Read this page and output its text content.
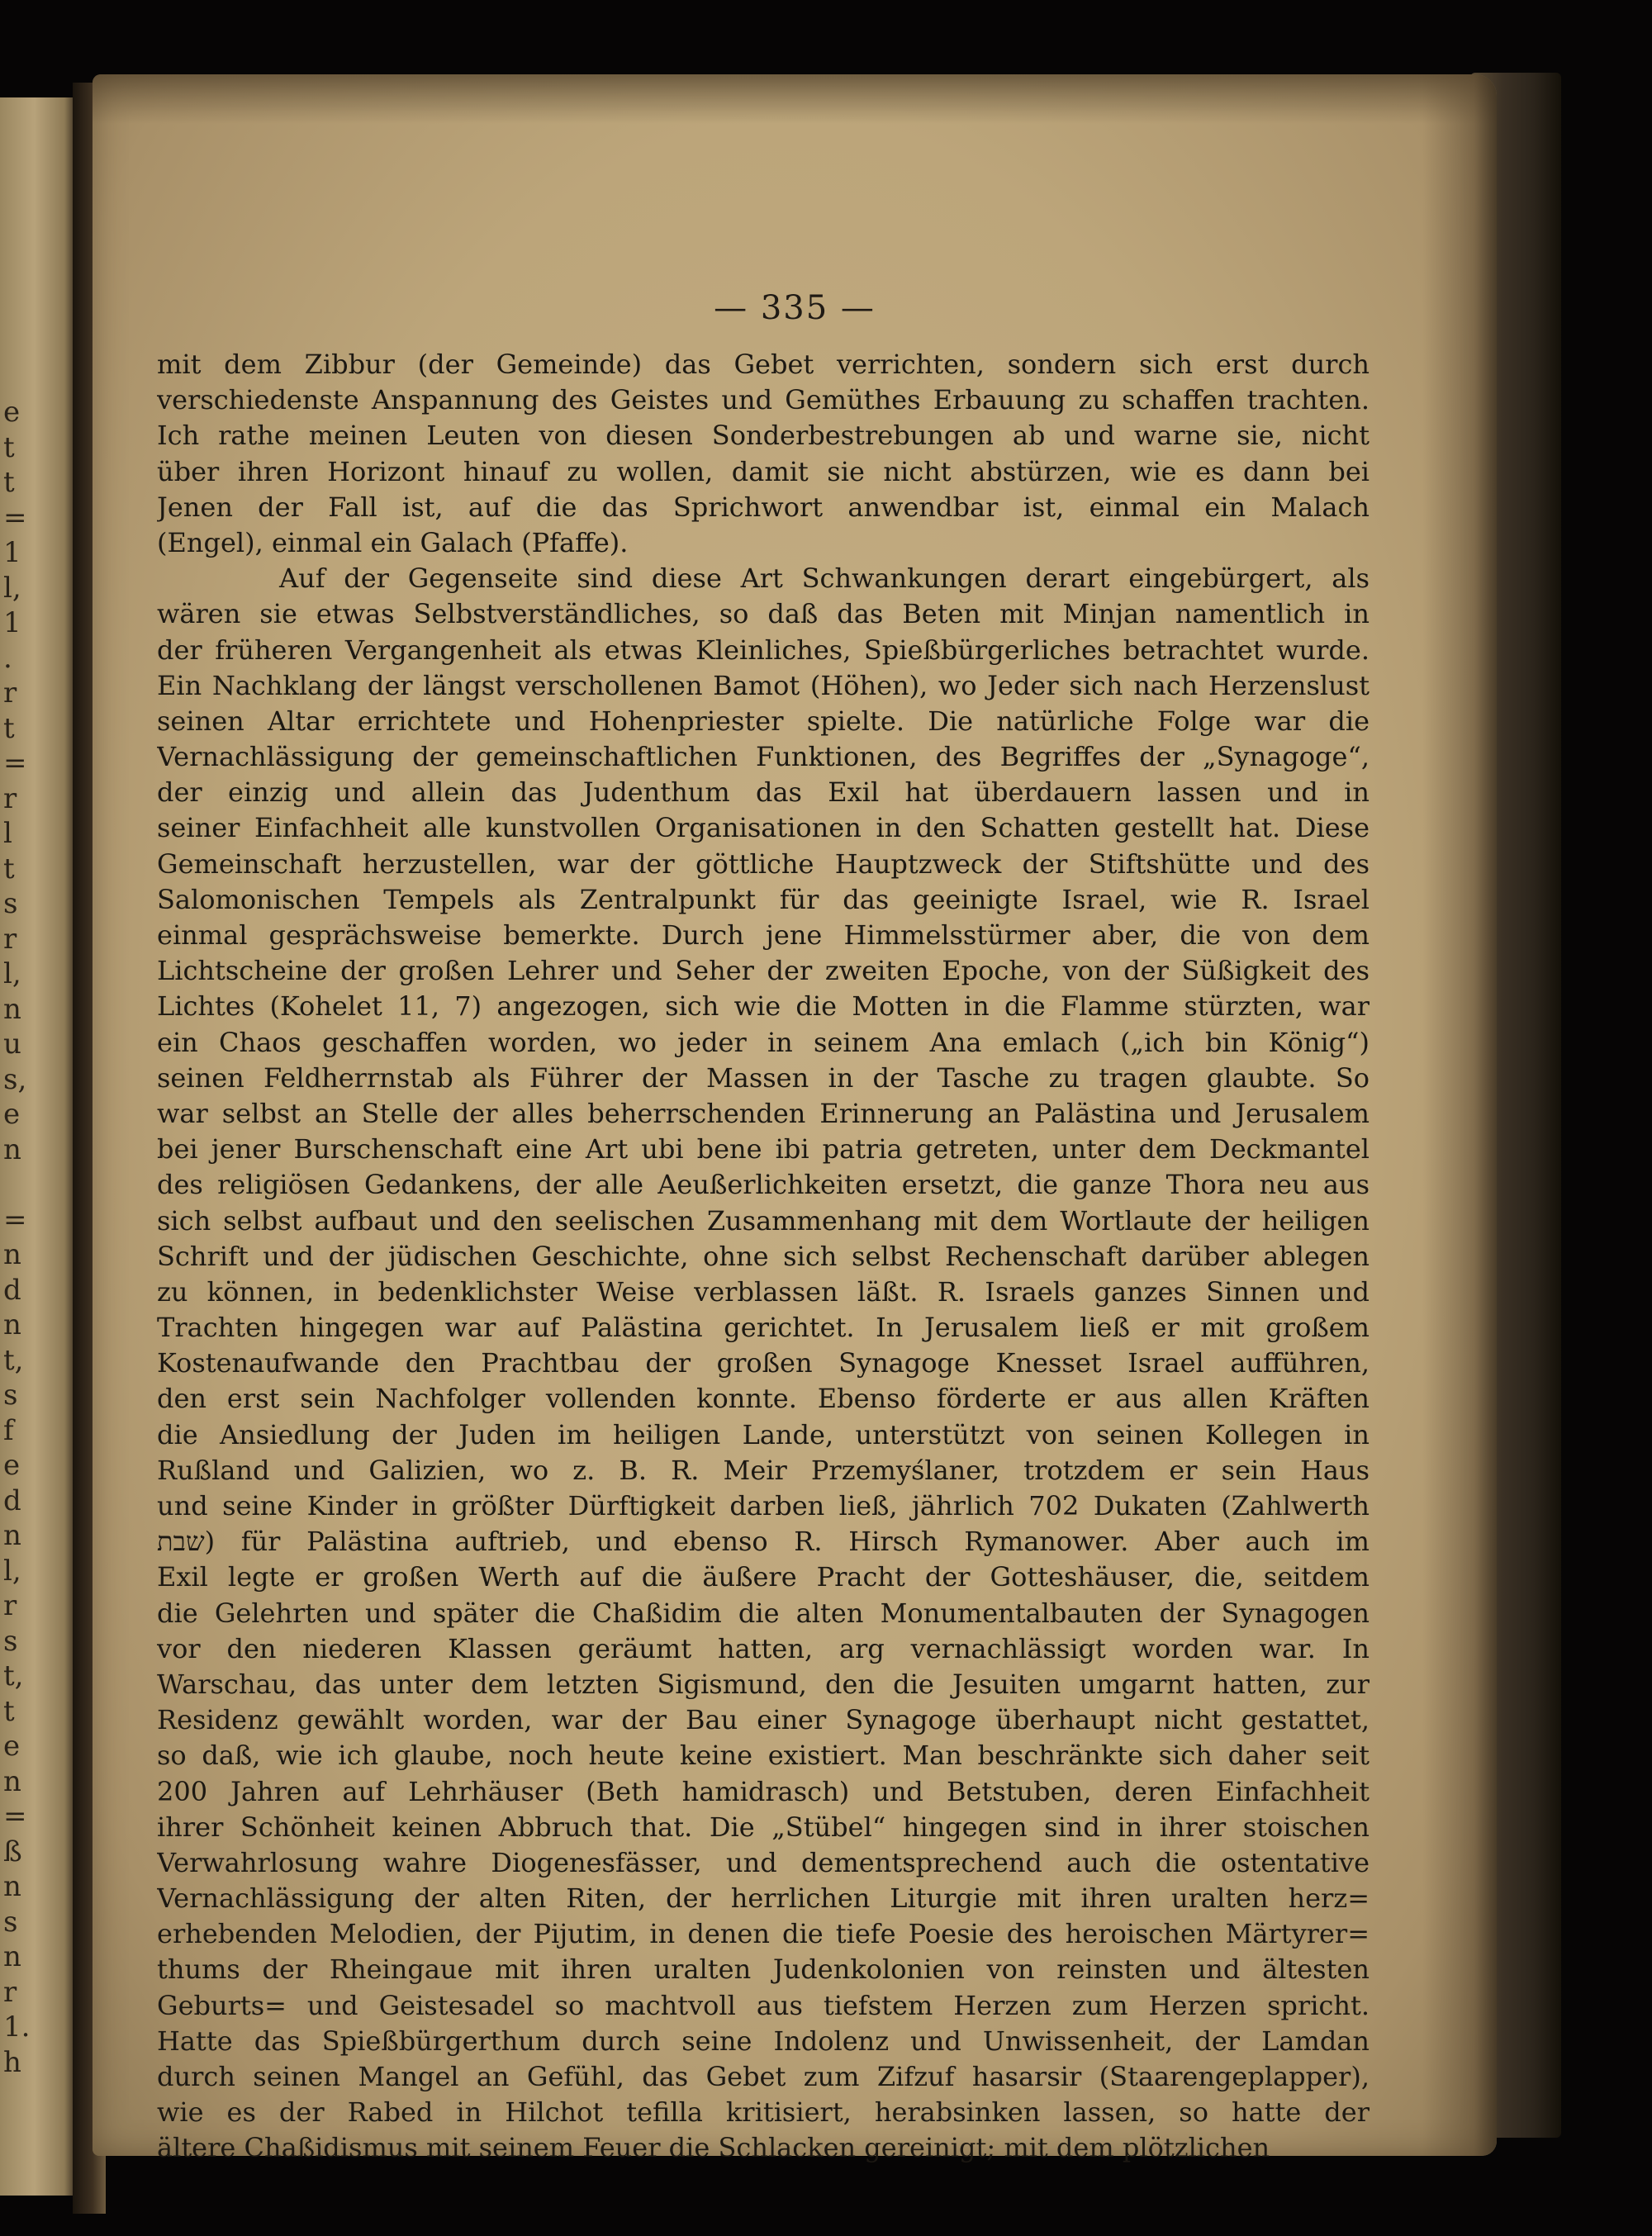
e
t
t
=
1
l,
1
.
r
t
=
r
l
t
s
r
l,
n
u
s,
e
n
=
n
d
n
t,
s
f
e
d
n
l,
r
s
t,
t
e
n
=
ß
n
s
n
r
1.
h
— 335 —
mit dem Zibbur (der Gemeinde) das Gebet verrichten, sondern sich erst durch
verschiedenste Anspannung des Geistes und Gemüthes Erbauung zu schaffen trachten.
Ich rathe meinen Leuten von diesen Sonderbestrebungen ab und warne sie, nicht
über ihren Horizont hinauf zu wollen, damit sie nicht abstürzen, wie es dann bei
Jenen der Fall ist, auf die das Sprichwort anwendbar ist, einmal ein Malach
(Engel), einmal ein Galach (Pfaffe).
Auf der Gegenseite sind diese Art Schwankungen derart eingebürgert, als
wären sie etwas Selbstverständliches, so daß das Beten mit Minjan namentlich in
der früheren Vergangenheit als etwas Kleinliches, Spießbürgerliches betrachtet wurde.
Ein Nachklang der längst verschollenen Bamot (Höhen), wo Jeder sich nach Herzenslust
seinen Altar errichtete und Hohenpriester spielte. Die natürliche Folge war die
Vernachlässigung der gemeinschaftlichen Funktionen, des Begriffes der „Synagoge“,
der einzig und allein das Judenthum das Exil hat überdauern lassen und in
seiner Einfachheit alle kunstvollen Organisationen in den Schatten gestellt hat. Diese
Gemeinschaft herzustellen, war der göttliche Hauptzweck der Stiftshütte und des
Salomonischen Tempels als Zentralpunkt für das geeinigte Israel, wie R. Israel
einmal gesprächsweise bemerkte. Durch jene Himmelsstürmer aber, die von dem
Lichtscheine der großen Lehrer und Seher der zweiten Epoche, von der Süßigkeit des
Lichtes (Kohelet 11, 7) angezogen, sich wie die Motten in die Flamme stürzten, war
ein Chaos geschaffen worden, wo jeder in seinem Ana emlach („ich bin König“)
seinen Feldherrnstab als Führer der Massen in der Tasche zu tragen glaubte. So
war selbst an Stelle der alles beherrschenden Erinnerung an Palästina und Jerusalem
bei jener Burschenschaft eine Art ubi bene ibi patria getreten, unter dem Deckmantel
des religiösen Gedankens, der alle Aeußerlichkeiten ersetzt, die ganze Thora neu aus
sich selbst aufbaut und den seelischen Zusammenhang mit dem Wortlaute der heiligen
Schrift und der jüdischen Geschichte, ohne sich selbst Rechenschaft darüber ablegen
zu können, in bedenklichster Weise verblassen läßt. R. Israels ganzes Sinnen und
Trachten hingegen war auf Palästina gerichtet. In Jerusalem ließ er mit großem
Kostenaufwande den Prachtbau der großen Synagoge Knesset Israel aufführen,
den erst sein Nachfolger vollenden konnte. Ebenso förderte er aus allen Kräften
die Ansiedlung der Juden im heiligen Lande, unterstützt von seinen Kollegen in
Rußland und Galizien, wo z. B. R. Meir Przemyślaner, trotzdem er sein Haus
und seine Kinder in größter Dürftigkeit darben ließ, jährlich 702 Dukaten (Zahlwerth
שבת) für Palästina auftrieb, und ebenso R. Hirsch Rymanower. Aber auch im
Exil legte er großen Werth auf die äußere Pracht der Gotteshäuser, die, seitdem
die Gelehrten und später die Chaßidim die alten Monumentalbauten der Synagogen
vor den niederen Klassen geräumt hatten, arg vernachlässigt worden war. In
Warschau, das unter dem letzten Sigismund, den die Jesuiten umgarnt hatten, zur
Residenz gewählt worden, war der Bau einer Synagoge überhaupt nicht gestattet,
so daß, wie ich glaube, noch heute keine existiert. Man beschränkte sich daher seit
200 Jahren auf Lehrhäuser (Beth hamidrasch) und Betstuben, deren Einfachheit
ihrer Schönheit keinen Abbruch that. Die „Stübel“ hingegen sind in ihrer stoischen
Verwahrlosung wahre Diogenesfässer, und dementsprechend auch die ostentative
Vernachlässigung der alten Riten, der herrlichen Liturgie mit ihren uralten herz=
erhebenden Melodien, der Pijutim, in denen die tiefe Poesie des heroischen Märtyrer=
thums der Rheingaue mit ihren uralten Judenkolonien von reinsten und ältesten
Geburts= und Geistesadel so machtvoll aus tiefstem Herzen zum Herzen spricht.
Hatte das Spießbürgerthum durch seine Indolenz und Unwissenheit, der Lamdan
durch seinen Mangel an Gefühl, das Gebet zum Zifzuf hasarsir (Staarengeplapper),
wie es der Rabed in Hilchot tefilla kritisiert, herabsinken lassen, so hatte der
ältere Chaßidismus mit seinem Feuer die Schlacken gereinigt; mit dem plötzlichen
